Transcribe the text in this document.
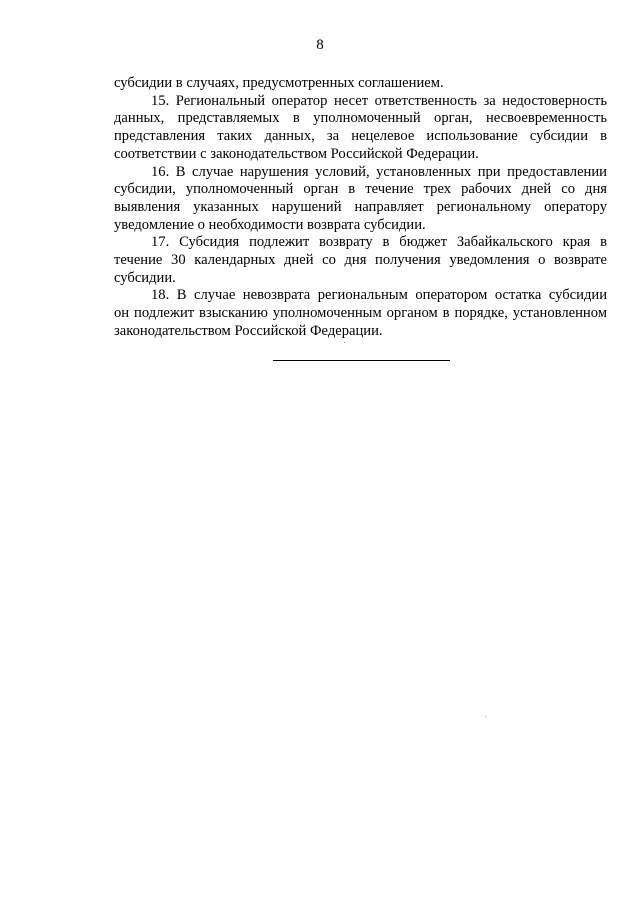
8
субсидии в случаях, предусмотренных соглашением.
15. Региональный оператор несет ответственность за недостоверность
данных, представляемых в уполномоченный орган, несвоевременность
представления таких данных, за нецелевое использование субсидии в
соответствии с законодательством Российской Федерации.
16. В случае нарушения условий, установленных при предоставлении
субсидии, уполномоченный орган в течение трех рабочих дней со дня
выявления указанных нарушений направляет региональному оператору
уведомление о необходимости возврата субсидии.
17. Субсидия подлежит возврату в бюджет Забайкальского края в
течение 30 календарных дней со дня получения уведомления о возврате
субсидии.
18. В случае невозврата региональным оператором остатка субсидии
он подлежит взысканию уполномоченным органом в порядке, установленном
законодательством Российской Федерации.
